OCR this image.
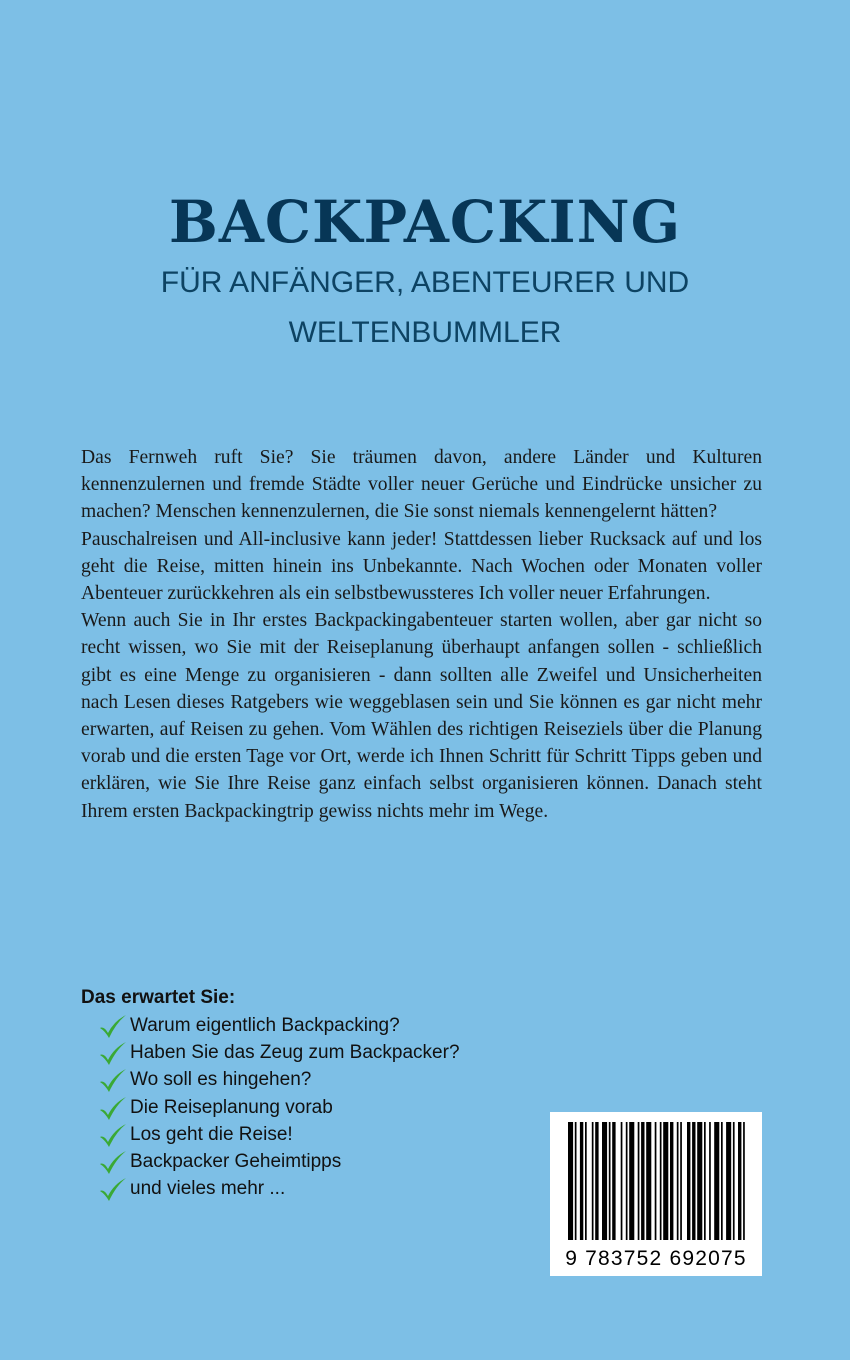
BACKPACKING
FÜR ANFÄNGER, ABENTEURER UND
WELTENBUMMLER

Das Fernweh ruft Sie? Sie träumen davon, andere Länder und Kulturen kennenzulernen und fremde Städte voller neuer Gerüche und Eindrücke unsicher zu machen? Menschen kennenzulernen, die Sie sonst niemals kennengelernt hätten?

Pauschalreisen und All-inclusive kann jeder! Stattdessen lieber Rucksack auf und los geht die Reise, mitten hinein ins Unbekannte. Nach Wochen oder Monaten voller Abenteuer zurückkehren als ein selbstbewussteres Ich voller neuer Erfahrungen.

Wenn auch Sie in Ihr erstes Backpackingabenteuer starten wollen, aber gar nicht so recht wissen, wo Sie mit der Reiseplanung überhaupt anfangen sollen - schließlich gibt es eine Menge zu organisieren - dann sollten alle Zweifel und Unsicherheiten nach Lesen dieses Ratgebers wie weggeblasen sein und Sie können es gar nicht mehr erwarten, auf Reisen zu gehen. Vom Wählen des richtigen Reiseziels über die Planung vorab und die ersten Tage vor Ort, werde ich Ihnen Schritt für Schritt Tipps geben und erklären, wie Sie Ihre Reise ganz einfach selbst organisieren können. Danach steht Ihrem ersten Backpackingtrip gewiss nichts mehr im Wege.

Das erwartet Sie:
Warum eigentlich Backpacking?
Haben Sie das Zeug zum Backpacker?
Wo soll es hingehen?
Die Reiseplanung vorab
Los geht die Reise!
Backpacker Geheimtipps
und vieles mehr ...
9 783752 692075
